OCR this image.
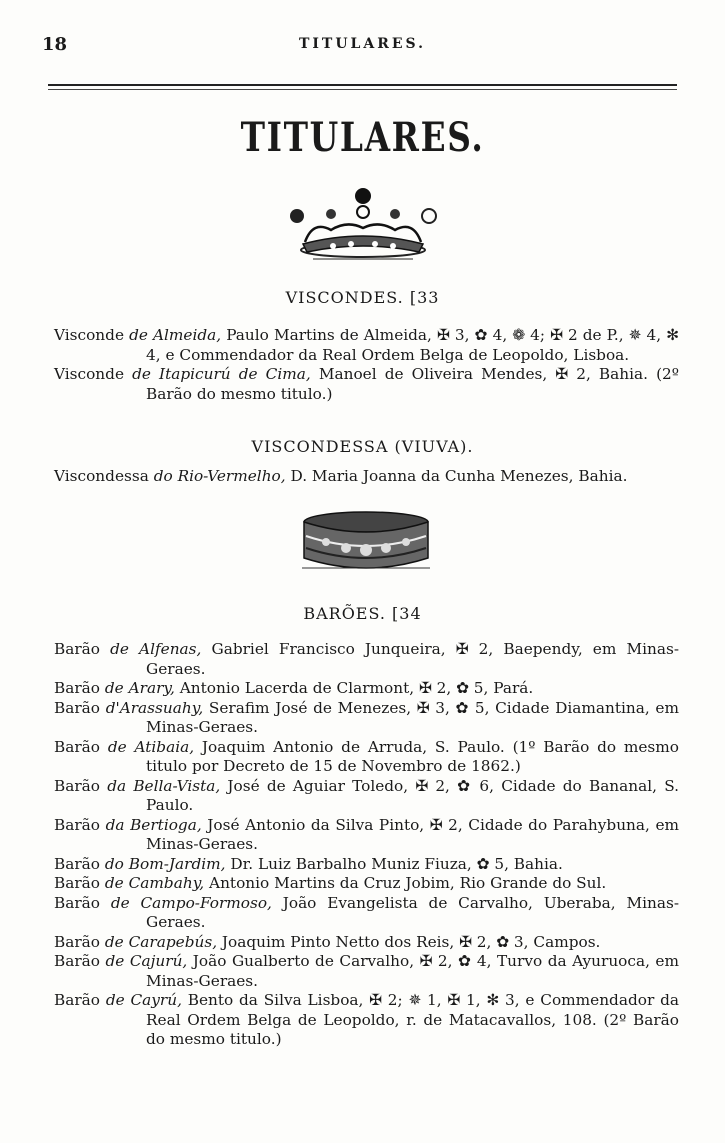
18	TITULARES.
TITULARES.
VISCONDES. [33

Visconde de Almeida, Paulo Martins de Almeida, ✠ 3, ✿ 4, ❁ 4; ✠ 2 de P., ✵ 4, ✻ 4, e Commendador da Real Ordem Belga de Leopoldo, Lisboa.

Visconde de Itapicurú de Cima, Manoel de Oliveira Mendes, ✠ 2, Bahia. (2º Barão do mesmo titulo.)

VISCONDESSA (VIUVA).

Viscondessa do Rio-Vermelho, D. Maria Joanna da Cunha Menezes, Bahia.

BARÕES. [34

Barão de Alfenas, Gabriel Francisco Junqueira, ✠ 2, Baependy, em Minas-Geraes.

Barão de Arary, Antonio Lacerda de Clarmont, ✠ 2, ✿ 5, Pará.

Barão d'Arassuahy, Serafim José de Menezes, ✠ 3, ✿ 5, Cidade Diamantina, em Minas-Geraes.

Barão de Atibaia, Joaquim Antonio de Arruda, S. Paulo. (1º Barão do mesmo titulo por Decreto de 15 de Novembro de 1862.)

Barão da Bella-Vista, José de Aguiar Toledo, ✠ 2, ✿ 6, Cidade do Bananal, S. Paulo.

Barão da Bertioga, José Antonio da Silva Pinto, ✠ 2, Cidade do Parahybuna, em Minas-Geraes.

Barão do Bom-Jardim, Dr. Luiz Barbalho Muniz Fiuza, ✿ 5, Bahia.

Barão de Cambahy, Antonio Martins da Cruz Jobim, Rio Grande do Sul.

Barão de Campo-Formoso, João Evangelista de Carvalho, Uberaba, Minas-Geraes.

Barão de Carapebús, Joaquim Pinto Netto dos Reis, ✠ 2, ✿ 3, Campos.

Barão de Cajurú, João Gualberto de Carvalho, ✠ 2, ✿ 4, Turvo da Ayuruoca, em Minas-Geraes.

Barão de Cayrú, Bento da Silva Lisboa, ✠ 2; ✵ 1, ✠ 1, ✻ 3, e Commendador da Real Ordem Belga de Leopoldo, r. de Matacavallos, 108. (2º Barão do mesmo titulo.)
